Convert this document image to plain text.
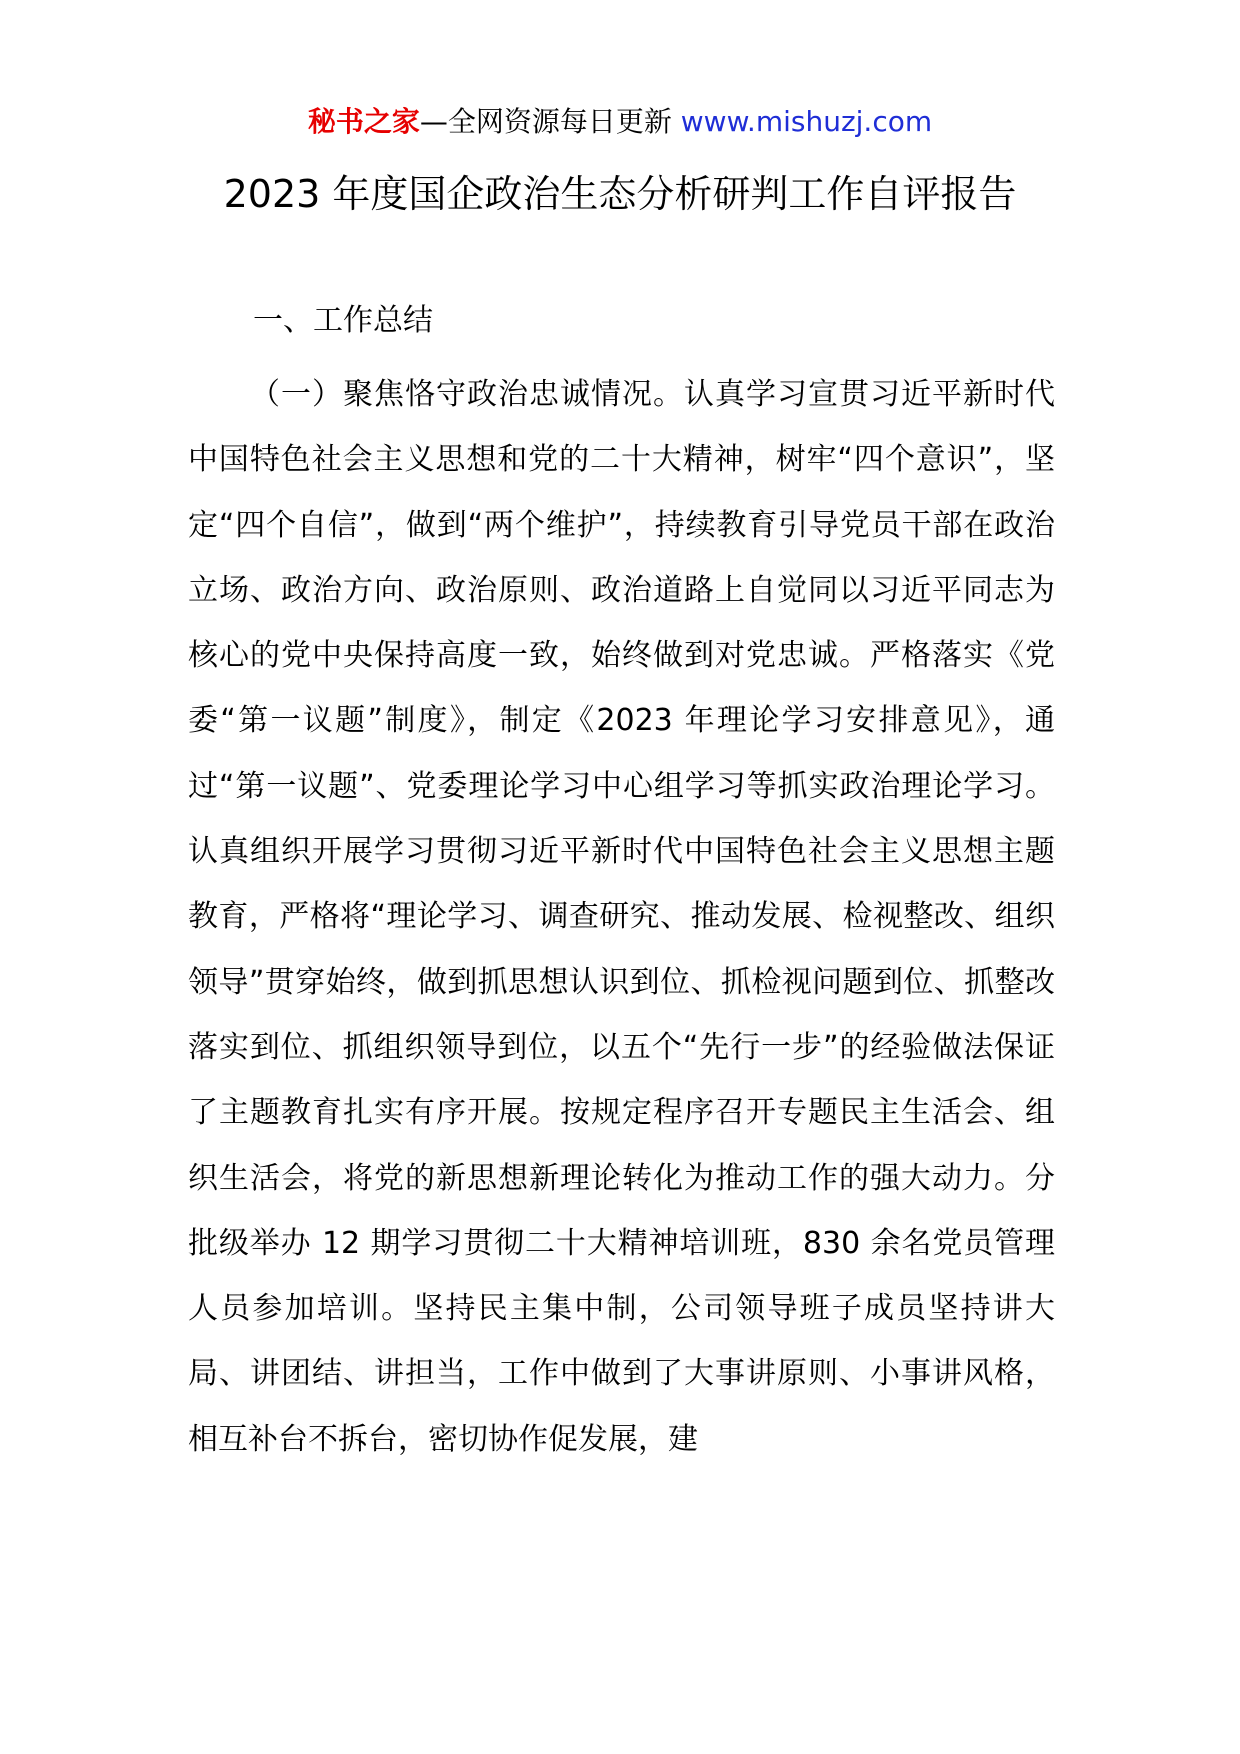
秘书之家—全网资源每日更新 www.mishuzj.com
2023 年度国企政治生态分析研判工作自评报告
一、工作总结

（一）聚焦恪守政治忠诚情况。认真学习宣贯习近平新时代中国特色社会主义思想和党的二十大精神，树牢“四个意识”，坚定“四个自信”，做到“两个维护”，持续教育引导党员干部在政治立场、政治方向、政治原则、政治道路上自觉同以习近平同志为核心的党中央保持高度一致，始终做到对党忠诚。严格落实《党委“第一议题”制度》，制定《2023 年理论学习安排意见》，通过“第一议题”、党委理论学习中心组学习等抓实政治理论学习。认真组织开展学习贯彻习近平新时代中国特色社会主义思想主题教育，严格将“理论学习、调查研究、推动发展、检视整改、组织领导”贯穿始终，做到抓思想认识到位、抓检视问题到位、抓整改落实到位、抓组织领导到位，以五个“先行一步”的经验做法保证了主题教育扎实有序开展。按规定程序召开专题民主生活会、组织生活会，将党的新思想新理论转化为推动工作的强大动力。分批级举办 12 期学习贯彻二十大精神培训班，830 余名党员管理人员参加培训。坚持民主集中制，公司领导班子成员坚持讲大局、讲团结、讲担当，工作中做到了大事讲原则、小事讲风格，相互补台不拆台，密切协作促发展，建
